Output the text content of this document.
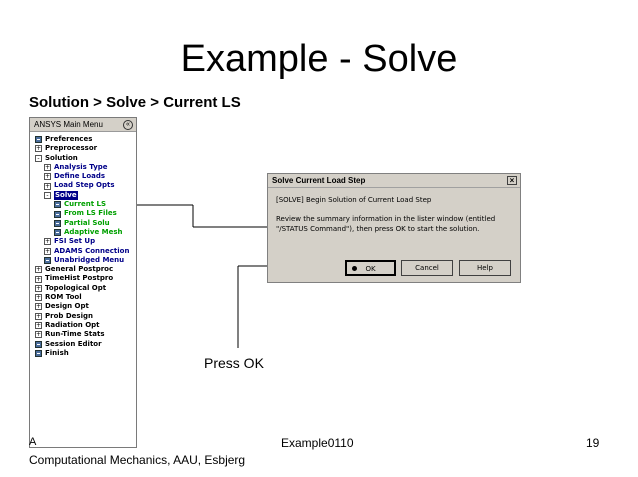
Example - Solve
Solution > Solve > Current LS
ANSYS Main Menu	«
Preferences
+ Preprocessor
- Solution
+ Analysis Type
+ Define Loads
+ Load Step Opts
- Solve
Current LS
From LS Files
Partial Solu
Adaptive Mesh
+ FSI Set Up
+ ADAMS Connection
Unabridged Menu
+ General Postproc
+ TimeHist Postpro
+ Topological Opt
+ ROM Tool
+ Design Opt
+ Prob Design
+ Radiation Opt
+ Run-Time Stats
Session Editor
Finish
Solve Current Load Step	×
[SOLVE] Begin Solution of Current Load Step
Review the summary information in the lister window (entitled "/STATUS Command"), then press OK to start the solution.
OK	Cancel	Help
Press OK
A
Computational Mechanics, AAU, Esbjerg
Example0110	19
